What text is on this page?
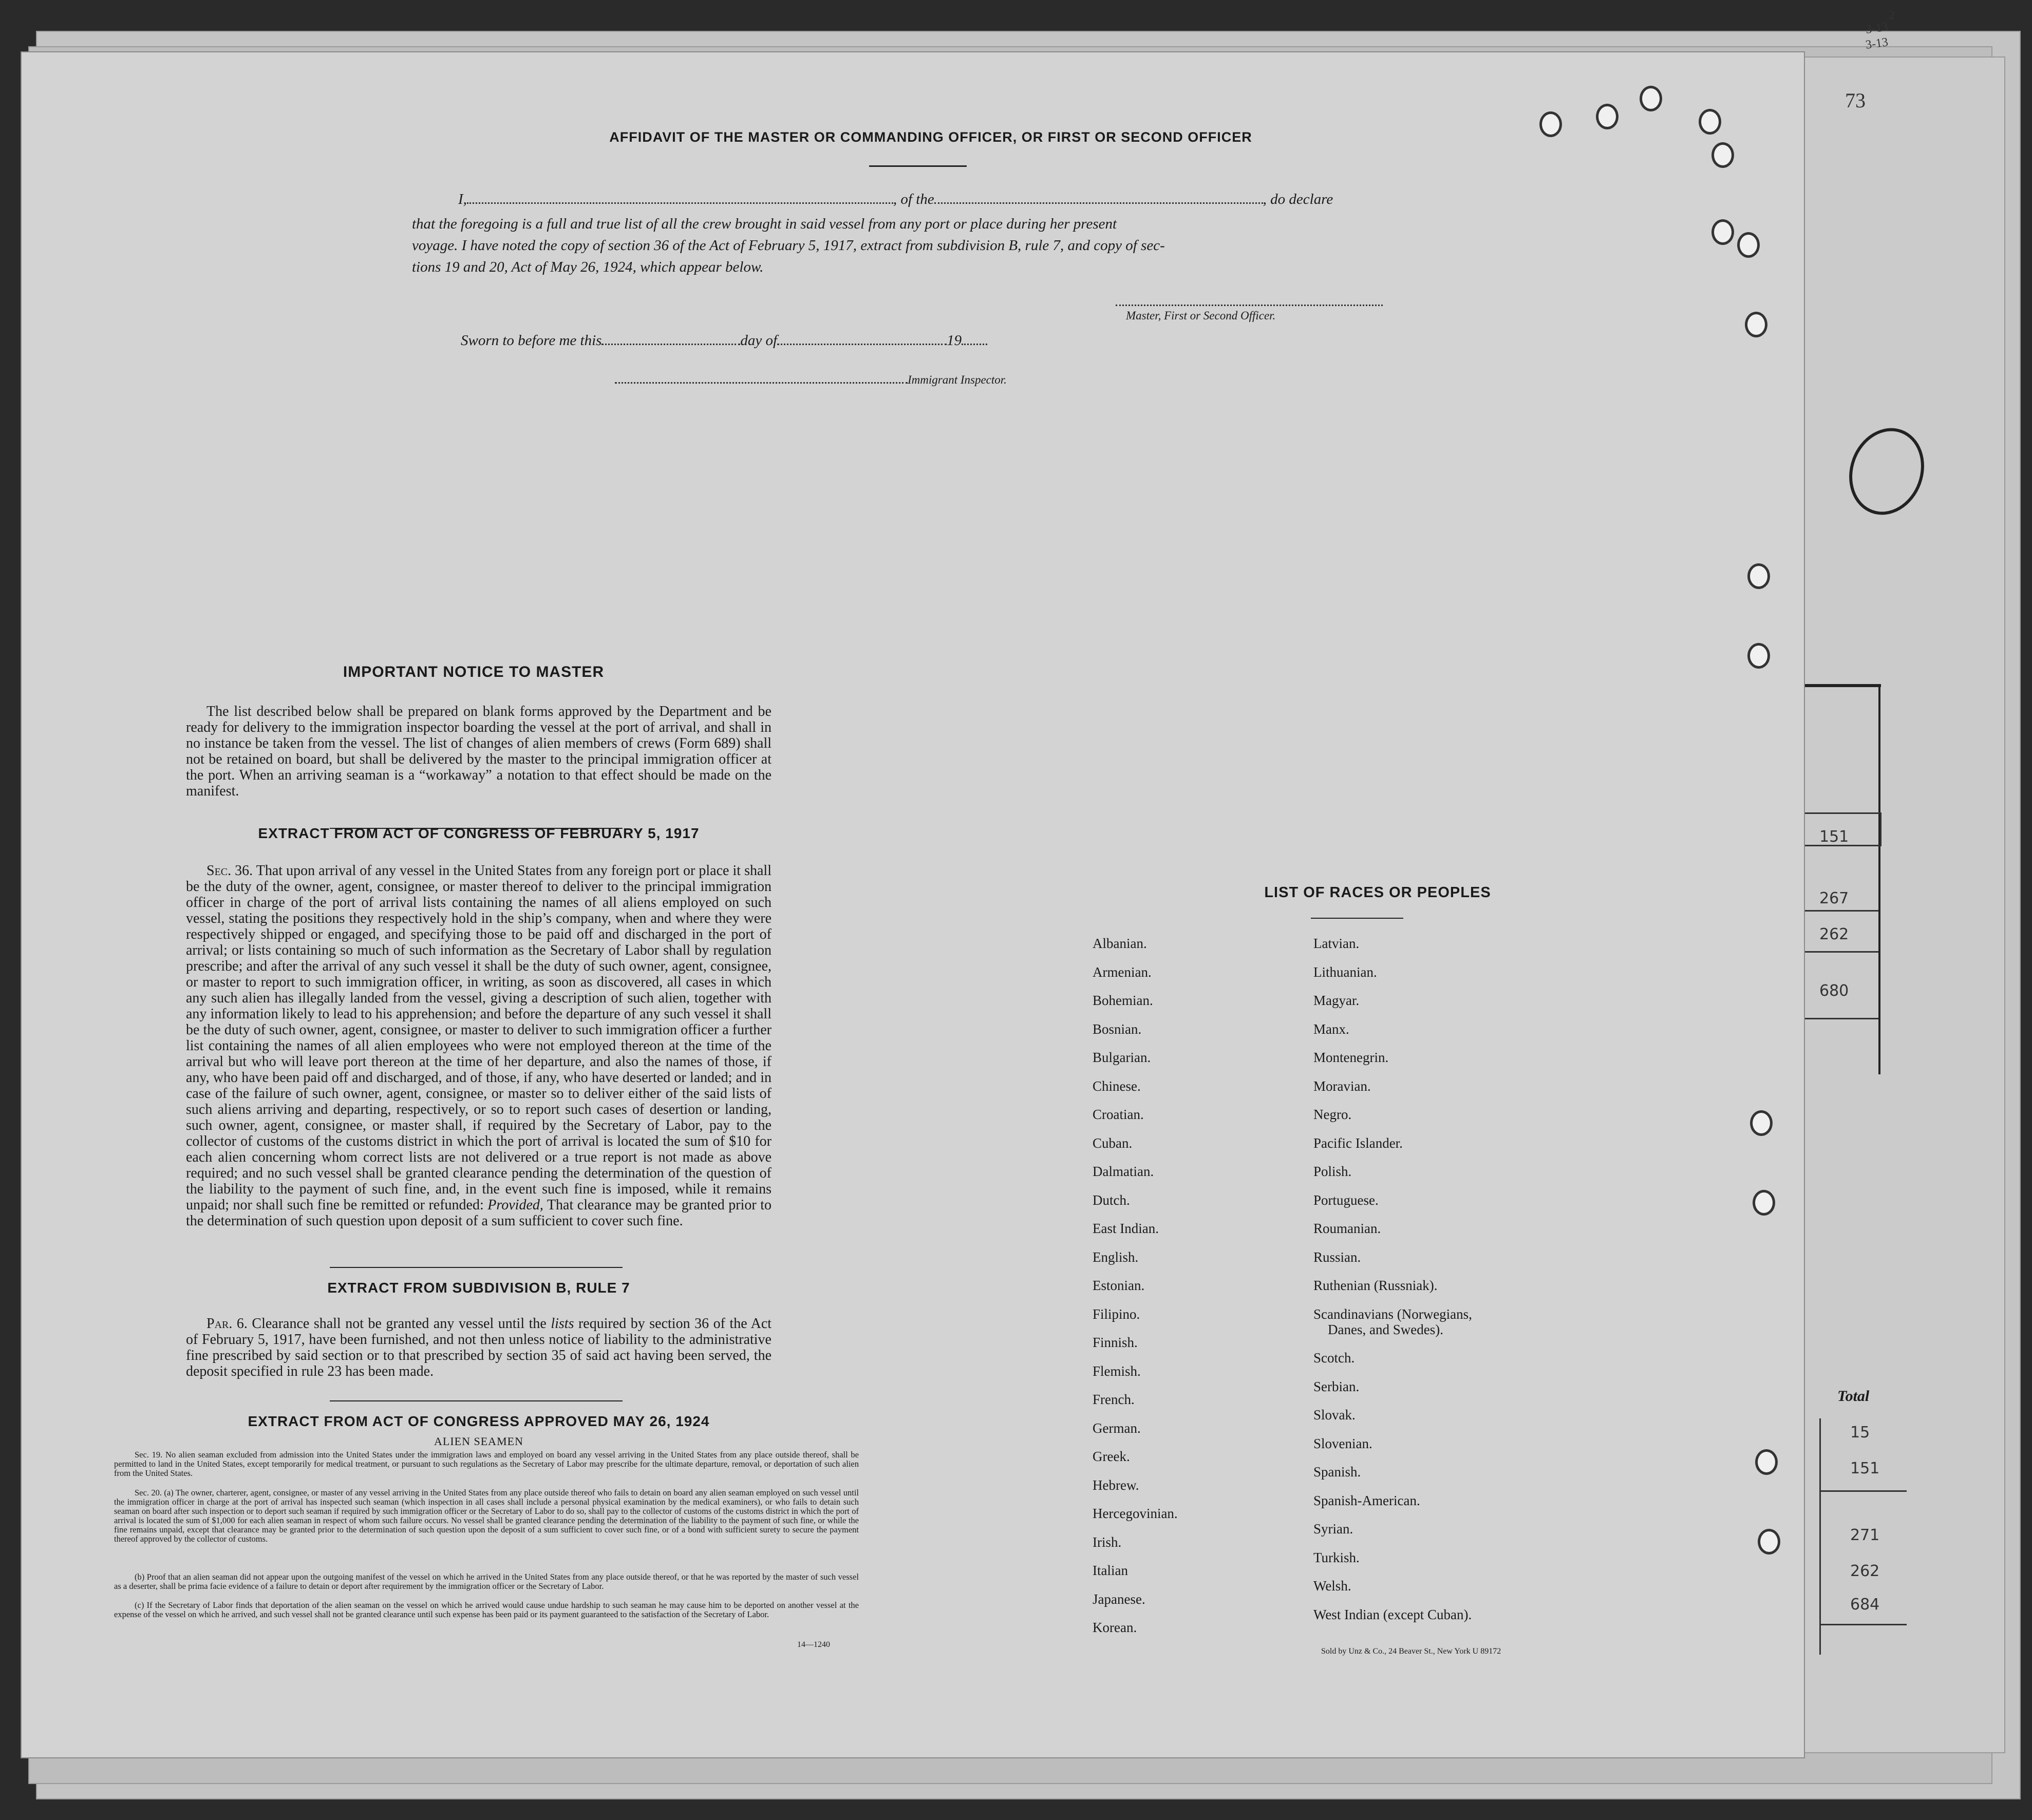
73
3-13
3-13
2
151
267
262
680
Total
15
151
271
262
684
AFFIDAVIT OF THE MASTER OR COMMANDING OFFICER, OR FIRST OR SECOND OFFICER
I,	, of the	, do declare
that the foregoing is a full and true list of all the crew brought in said vessel from any port or place during her present
voyage. I have noted the copy of section 36 of the Act of February 5, 1917, extract from subdivision B, rule 7, and copy of sec-
tions 19 and 20, Act of May 26, 1924, which appear below.
Master, First or Second Officer.
Sworn to before me this	day of	19
Immigrant Inspector.
IMPORTANT NOTICE TO MASTER
The list described below shall be prepared on blank forms approved by the Department and be ready for delivery to the immigration inspector boarding the vessel at the port of arrival, and shall in no instance be taken from the vessel. The list of changes of alien members of crews (Form 689) shall not be retained on board, but shall be delivered by the master to the principal immigration officer at the port. When an arriving seaman is a “workaway” a notation to that effect should be made on the manifest.
EXTRACT FROM ACT OF CONGRESS OF FEBRUARY 5, 1917
Sec. 36. That upon arrival of any vessel in the United States from any foreign port or place it shall be the duty of the owner, agent, consignee, or master thereof to deliver to the principal immigration officer in charge of the port of arrival lists containing the names of all aliens employed on such vessel, stating the positions they respectively hold in the ship’s company, when and where they were respectively shipped or engaged, and specifying those to be paid off and discharged in the port of arrival; or lists containing so much of such information as the Secretary of Labor shall by regulation prescribe; and after the arrival of any such vessel it shall be the duty of such owner, agent, consignee, or master to report to such immigration officer, in writing, as soon as discovered, all cases in which any such alien has illegally landed from the vessel, giving a description of such alien, together with any information likely to lead to his apprehension; and before the departure of any such vessel it shall be the duty of such owner, agent, consignee, or master to deliver to such immigration officer a further list containing the names of all alien employees who were not employed thereon at the time of the arrival but who will leave port thereon at the time of her departure, and also the names of those, if any, who have been paid off and discharged, and of those, if any, who have deserted or landed; and in case of the failure of such owner, agent, consignee, or master so to deliver either of the said lists of such aliens arriving and departing, respectively, or so to report such cases of desertion or landing, such owner, agent, consignee, or master shall, if required by the Secretary of Labor, pay to the collector of customs of the customs district in which the port of arrival is located the sum of $10 for each alien concerning whom correct lists are not delivered or a true report is not made as above required; and no such vessel shall be granted clearance pending the determination of the question of the liability to the payment of such fine, and, in the event such fine is imposed, while it remains unpaid; nor shall such fine be remitted or refunded: Provided, That clearance may be granted prior to the determination of such question upon deposit of a sum sufficient to cover such fine.
EXTRACT FROM SUBDIVISION B, RULE 7
Par. 6. Clearance shall not be granted any vessel until the lists required by section 36 of the Act of February 5, 1917, have been furnished, and not then unless notice of liability to the administrative fine prescribed by said section or to that prescribed by section 35 of said act having been served, the deposit specified in rule 23 has been made.
EXTRACT FROM ACT OF CONGRESS APPROVED MAY 26, 1924
ALIEN SEAMEN
Sec. 19. No alien seaman excluded from admission into the United States under the immigration laws and employed on board any vessel arriving in the United States from any place outside thereof, shall be permitted to land in the United States, except temporarily for medical treatment, or pursuant to such regulations as the Secretary of Labor may prescribe for the ultimate departure, removal, or deportation of such alien from the United States.
Sec. 20. (a) The owner, charterer, agent, consignee, or master of any vessel arriving in the United States from any place outside thereof who fails to detain on board any alien seaman employed on such vessel until the immigration officer in charge at the port of arrival has inspected such seaman (which inspection in all cases shall include a personal physical examination by the medical examiners), or who fails to detain such seaman on board after such inspection or to deport such seaman if required by such immigration officer or the Secretary of Labor to do so, shall pay to the collector of customs of the customs district in which the port of arrival is located the sum of $1,000 for each alien seaman in respect of whom such failure occurs. No vessel shall be granted clearance pending the determination of the liability to the payment of such fine, or while the fine remains unpaid, except that clearance may be granted prior to the determination of such question upon the deposit of a sum sufficient to cover such fine, or of a bond with sufficient surety to secure the payment thereof approved by the collector of customs.
(b) Proof that an alien seaman did not appear upon the outgoing manifest of the vessel on which he arrived in the United States from any place outside thereof, or that he was reported by the master of such vessel as a deserter, shall be prima facie evidence of a failure to detain or deport after requirement by the immigration officer or the Secretary of Labor.
(c) If the Secretary of Labor finds that deportation of the alien seaman on the vessel on which he arrived would cause undue hardship to such seaman he may cause him to be deported on another vessel at the expense of the vessel on which he arrived, and such vessel shall not be granted clearance until such expense has been paid or its payment guaranteed to the satisfaction of the Secretary of Labor.
14—1240
LIST OF RACES OR PEOPLES
Albanian.
Armenian.
Bohemian.
Bosnian.
Bulgarian.
Chinese.
Croatian.
Cuban.
Dalmatian.
Dutch.
East Indian.
English.
Estonian.
Filipino.
Finnish.
Flemish.
French.
German.
Greek.
Hebrew.
Hercegovinian.
Irish.
Italian
Japanese.
Korean.
Latvian.
Lithuanian.
Magyar.
Manx.
Montenegrin.
Moravian.
Negro.
Pacific Islander.
Polish.
Portuguese.
Roumanian.
Russian.
Ruthenian (Russniak).
Scandinavians (Norwegians,
Danes, and Swedes).
Scotch.
Serbian.
Slovak.
Slovenian.
Spanish.
Spanish-American.
Syrian.
Turkish.
Welsh.
West Indian (except Cuban).
Sold by Unz & Co., 24 Beaver St., New York U 89172
